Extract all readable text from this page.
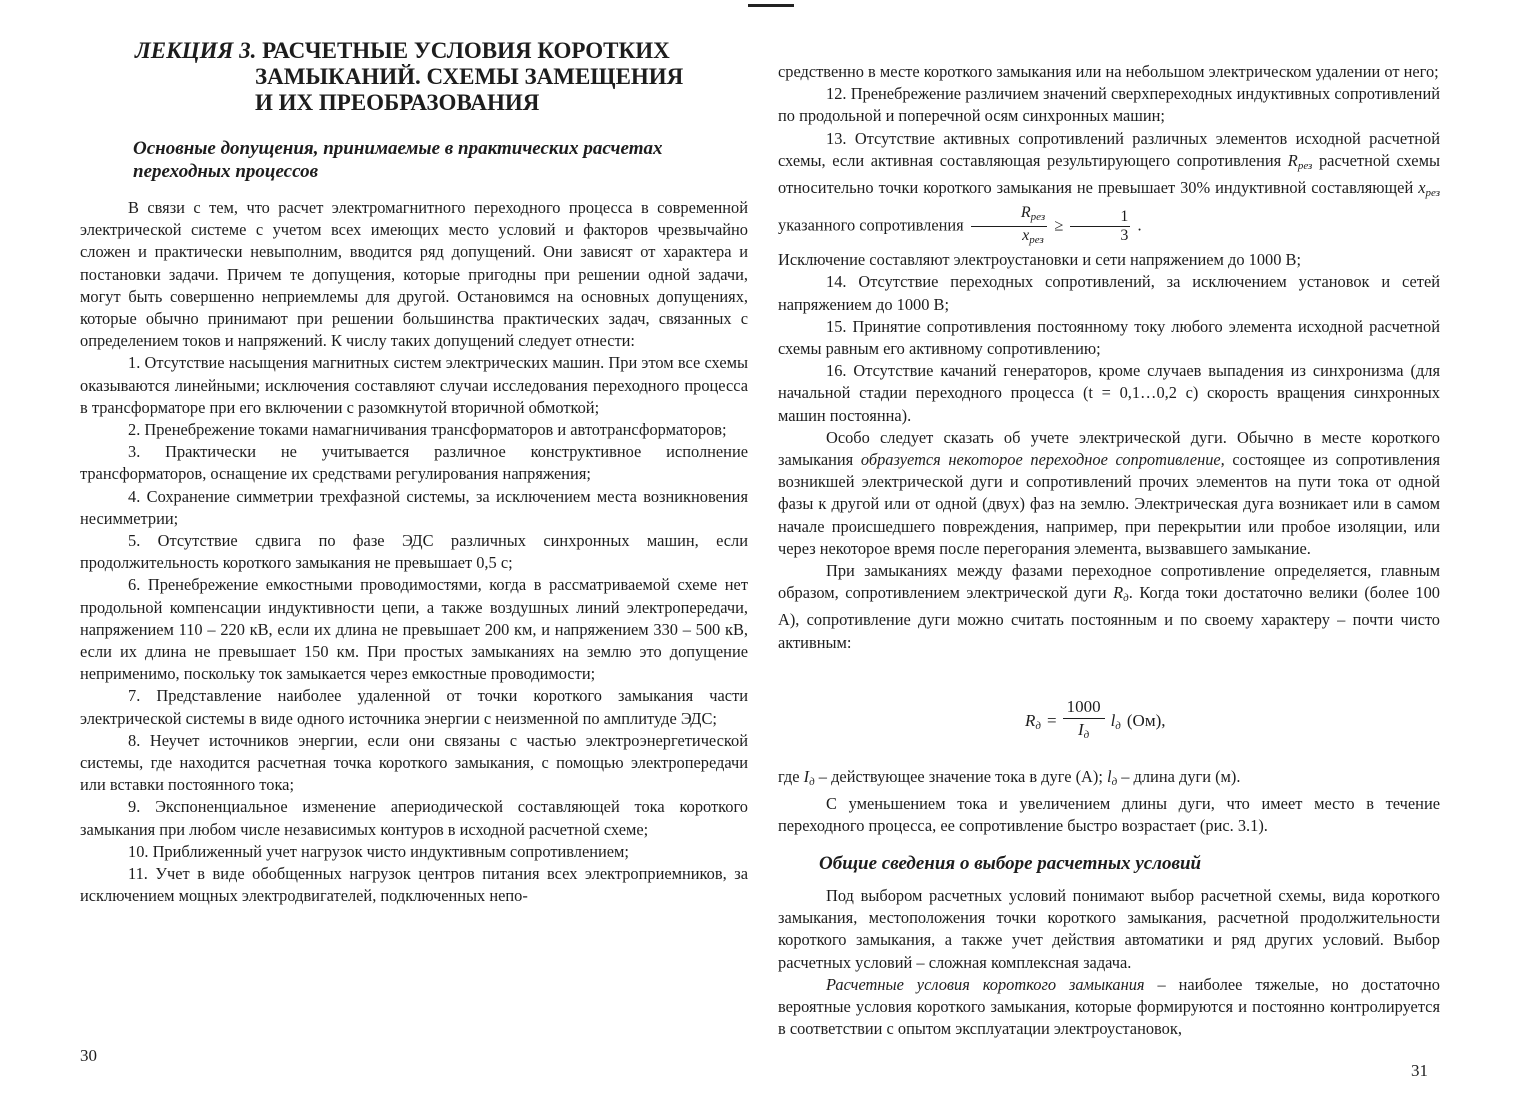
ЛЕКЦИЯ 3. РАСЧЕТНЫЕ УСЛОВИЯ КОРОТКИХ
ЗАМЫКАНИЙ. СХЕМЫ ЗАМЕЩЕНИЯ
И ИХ ПРЕОБРАЗОВАНИЯ
Основные допущения, принимаемые в практических расчетах
переходных процессов

В связи с тем, что расчет электромагнитного переходного процесса в современной электрической системе с учетом всех имеющих место условий и факторов чрезвычайно сложен и практически невыполним, вводится ряд допущений. Они зависят от характера и постановки задачи. Причем те допущения, которые пригодны при решении одной задачи, могут быть совершенно неприемлемы для другой. Остановимся на основных допущениях, которые обычно принимают при решении большинства практических задач, связанных с определением токов и напряжений. К числу таких допущений следует отнести:

1. Отсутствие насыщения магнитных систем электрических машин. При этом все схемы оказываются линейными; исключения составляют случаи исследования переходного процесса в трансформаторе при его включении с разомкнутой вторичной обмоткой;

2. Пренебрежение токами намагничивания трансформаторов и автотрансформаторов;

3. Практически не учитывается различное конструктивное исполнение трансформаторов, оснащение их средствами регулирования напряжения;

4. Сохранение симметрии трехфазной системы, за исключением места возникновения несимметрии;

5. Отсутствие сдвига по фазе ЭДС различных синхронных машин, если продолжительность короткого замыкания не превышает 0,5 с;

6. Пренебрежение емкостными проводимостями, когда в рассматриваемой схеме нет продольной компенсации индуктивности цепи, а также воздушных линий электропередачи, напряжением 110 – 220 кВ, если их длина не превышает 200 км, и напряжением 330 – 500 кВ, если их длина не превышает 150 км. При простых замыканиях на землю это допущение неприменимо, поскольку ток замыкается через емкостные проводимости;

7. Представление наиболее удаленной от точки короткого замыкания части электрической системы в виде одного источника энергии с неизменной по амплитуде ЭДС;

8. Неучет источников энергии, если они связаны с частью электроэнергетической системы, где находится расчетная точка короткого замыкания, с помощью электропередачи или вставки постоянного тока;

9. Экспоненциальное изменение апериодической составляющей тока короткого замыкания при любом числе независимых контуров в исходной расчетной схеме;

10. Приближенный учет нагрузок чисто индуктивным сопротивлением;

11. Учет в виде обобщенных нагрузок центров питания всех электроприемников, за исключением мощных электродвигателей, подключенных непо-

30

средственно в месте короткого замыкания или на небольшом электрическом удалении от него;

12. Пренебрежение различием значений сверхпереходных индуктивных сопротивлений по продольной и поперечной осям синхронных машин;

13. Отсутствие активных сопротивлений различных элементов исходной расчетной схемы, если активная составляющая результирующего сопротивления $R_{рез}$ расчетной схемы относительно точки короткого замыкания не превышает 30% индуктивной составляющей $x_{рез}$ указанного сопротивления $\frac{R_{рез}}{x_{рез}} \ge \frac{1}{3}$ .

Исключение составляют электроустановки и сети напряжением до 1000 В;

14. Отсутствие переходных сопротивлений, за исключением установок и сетей напряжением до 1000 В;

15. Принятие сопротивления постоянному току любого элемента исходной расчетной схемы равным его активному сопротивлению;

16. Отсутствие качаний генераторов, кроме случаев выпадения из синхронизма (для начальной стадии переходного процесса (t = 0,1…0,2 с) скорость вращения синхронных машин постоянна).

Особо следует сказать об учете электрической дуги. Обычно в месте короткого замыкания образуется некоторое переходное сопротивление, состоящее из сопротивления возникшей электрической дуги и сопротивлений прочих элементов на пути тока от одной фазы к другой или от одной (двух) фаз на землю. Электрическая дуга возникает или в самом начале происшедшего повреждения, например, при перекрытии или пробое изоляции, или через некоторое время после перегорания элемента, вызвавшего замыкание.

При замыканиях между фазами переходное сопротивление определяется, главным образом, сопротивлением электрической дуги $R_д$. Когда токи достаточно велики (более 100 А), сопротивление дуги можно считать постоянным и по своему характеру – почти чисто активным:

$R_д = \frac{1000}{I_д} l_д$ (Ом),

где $I_д$ – действующее значение тока в дуге (А); $l_д$ – длина дуги (м).

С уменьшением тока и увеличением длины дуги, что имеет место в течение переходного процесса, ее сопротивление быстро возрастает (рис. 3.1).

Общие сведения о выборе расчетных условий

Под выбором расчетных условий понимают выбор расчетной схемы, вида короткого замыкания, местоположения точки короткого замыкания, расчетной продолжительности короткого замыкания, а также учет действия автоматики и ряд других условий. Выбор расчетных условий – сложная комплексная задача.

Расчетные условия короткого замыкания – наиболее тяжелые, но достаточно вероятные условия короткого замыкания, которые формируются и постоянно контролируется в соответствии с опытом эксплуатации электроустановок,

31
